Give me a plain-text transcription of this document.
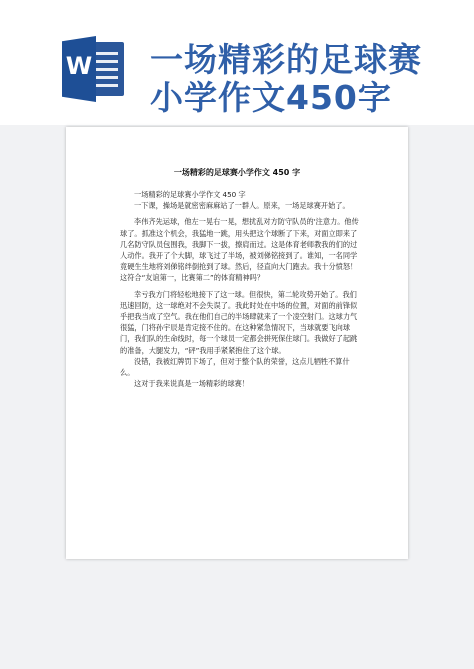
W 一场精彩的足球赛
小学作文450字
一场精彩的足球赛小学作文 450 字

一场精彩的足球赛小学作文 450 字

一下课，操场是就密密麻麻站了一群人。原来，一场足球赛开始了。

李伟齐先运球，他左一晃右一晃，想扰乱对方防守队员的'注意力。他传球了。抓准这个机会，我猛地一跳，用头把这个球断了下来，对面立即来了几名防守队员包围我，我脚下一拔，擦肩而过。这是体育老师教我的们的过人动作。我开了个大脚，球飞过了半场，被刘俤铭接到了。谁知，一名同学竟硬生生地将刘俤铭绊倒抢到了球。然后，径直向大门跑去。我十分愤怒！这符合“友谊第一，比赛第二”的体育精神吗？

幸亏我方门将轻松地接下了这一球。但很快，第二轮攻势开始了。我们迅速回防，这一球绝对不会失误了。我此时处在中场的位置，对面的前锋似乎把我当成了空气。我在他们自己的半场肆就来了一个凌空射门。这球力气很猛，门将孙宇辰是肯定接不住的。在这种紧急情况下，当球就要飞向球门，我们队的生命线时，每一个球员一定都会拼死保住球门。我做好了起跳的准备，大腿发力，“砰”我用手紧紧抱住了这个球。

没错，我被红牌罚下场了，但对于整个队的荣誉，这点儿牺牲不算什么。

这对于我来说真是一场精彩的球赛！
